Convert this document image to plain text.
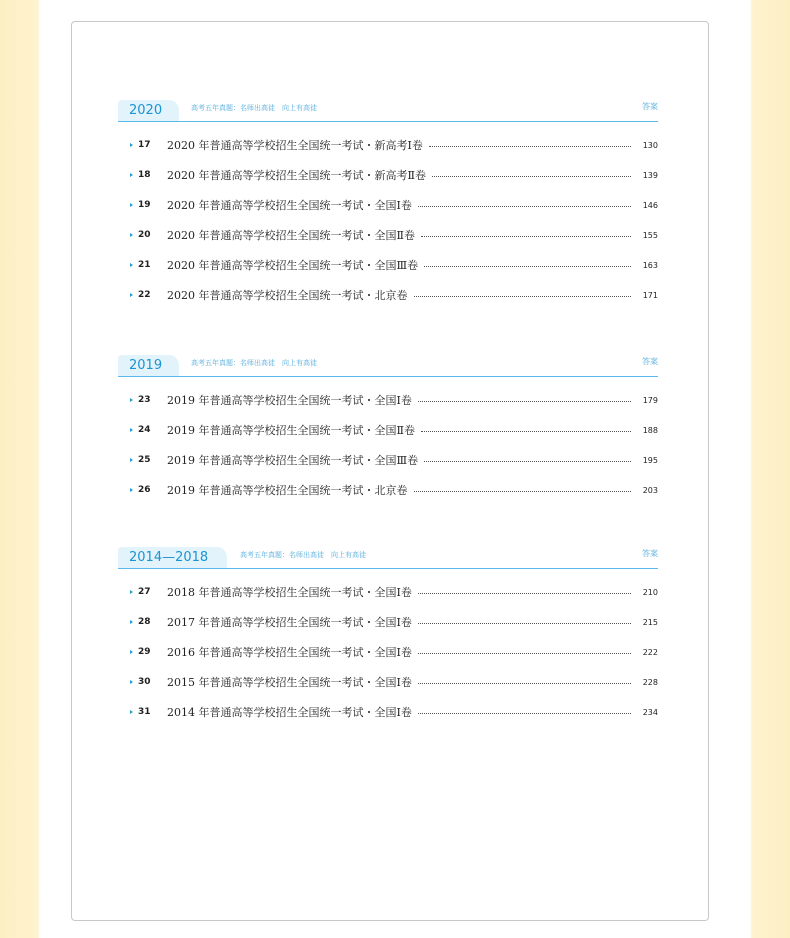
2020	高考五年真题：名师出高徒　向上有高徒	答案
17	2020 年普通高等学校招生全国统一考试・新高考Ⅰ卷	130
18	2020 年普通高等学校招生全国统一考试・新高考Ⅱ卷	139
19	2020 年普通高等学校招生全国统一考试・全国Ⅰ卷	146
20	2020 年普通高等学校招生全国统一考试・全国Ⅱ卷	155
21	2020 年普通高等学校招生全国统一考试・全国Ⅲ卷	163
22	2020 年普通高等学校招生全国统一考试・北京卷	171
2019	高考五年真题：名师出高徒　向上有高徒	答案
23	2019 年普通高等学校招生全国统一考试・全国Ⅰ卷	179
24	2019 年普通高等学校招生全国统一考试・全国Ⅱ卷	188
25	2019 年普通高等学校招生全国统一考试・全国Ⅲ卷	195
26	2019 年普通高等学校招生全国统一考试・北京卷	203
2014—2018	高考五年真题：名师出高徒　向上有高徒	答案
27	2018 年普通高等学校招生全国统一考试・全国Ⅰ卷	210
28	2017 年普通高等学校招生全国统一考试・全国Ⅰ卷	215
29	2016 年普通高等学校招生全国统一考试・全国Ⅰ卷	222
30	2015 年普通高等学校招生全国统一考试・全国Ⅰ卷	228
31	2014 年普通高等学校招生全国统一考试・全国Ⅰ卷	234
